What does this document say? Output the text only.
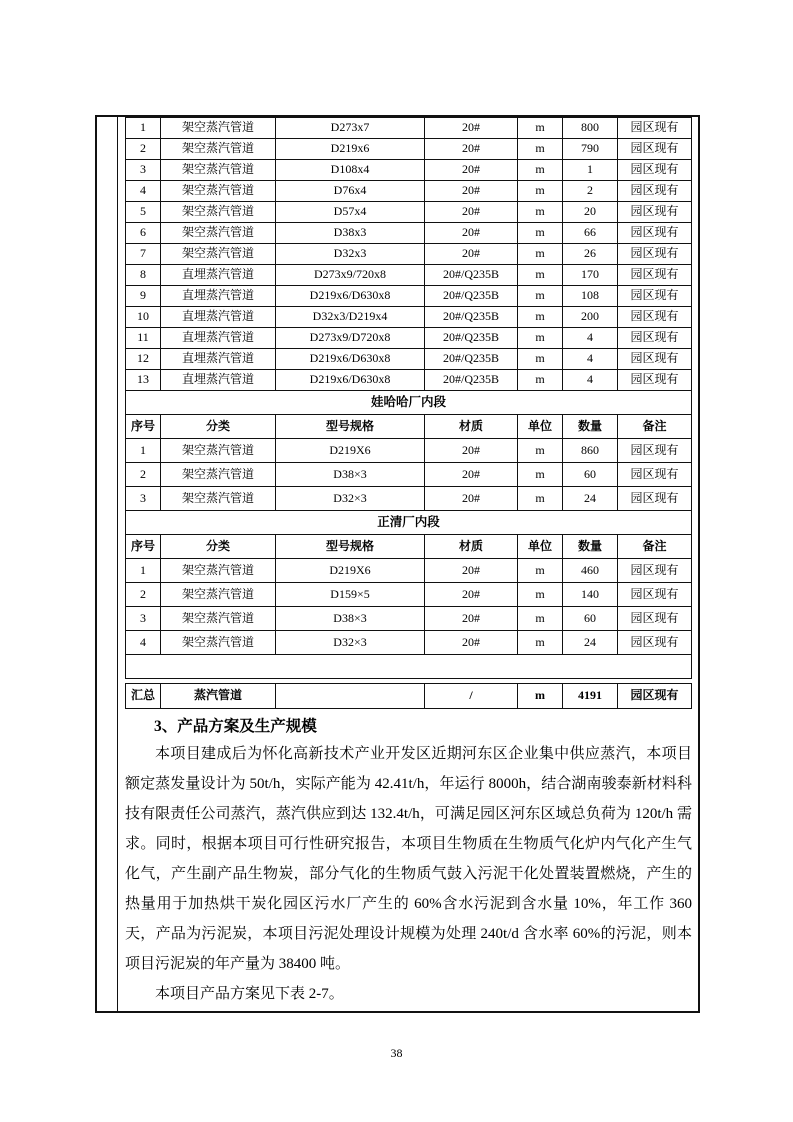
1	架空蒸汽管道	D273x7	20#	m	800	园区现有
2	架空蒸汽管道	D219x6	20#	m	790	园区现有
3	架空蒸汽管道	D108x4	20#	m	1	园区现有
4	架空蒸汽管道	D76x4	20#	m	2	园区现有
5	架空蒸汽管道	D57x4	20#	m	20	园区现有
6	架空蒸汽管道	D38x3	20#	m	66	园区现有
7	架空蒸汽管道	D32x3	20#	m	26	园区现有
8	直埋蒸汽管道	D273x9/720x8	20#/Q235B	m	170	园区现有
9	直埋蒸汽管道	D219x6/D630x8	20#/Q235B	m	108	园区现有
10	直埋蒸汽管道	D32x3/D219x4	20#/Q235B	m	200	园区现有
11	直埋蒸汽管道	D273x9/D720x8	20#/Q235B	m	4	园区现有
12	直埋蒸汽管道	D219x6/D630x8	20#/Q235B	m	4	园区现有
13	直埋蒸汽管道	D219x6/D630x8	20#/Q235B	m	4	园区现有
娃哈哈厂内段						
序号	分类	型号规格	材质	单位	数量	备注
1	架空蒸汽管道	D219X6	20#	m	860	园区现有
2	架空蒸汽管道	D38×3	20#	m	60	园区现有
3	架空蒸汽管道	D32×3	20#	m	24	园区现有
正清厂内段						
序号	分类	型号规格	材质	单位	数量	备注
1	架空蒸汽管道	D219X6	20#	m	460	园区现有
2	架空蒸汽管道	D159×5	20#	m	140	园区现有
3	架空蒸汽管道	D38×3	20#	m	60	园区现有
4	架空蒸汽管道	D32×3	20#	m	24	园区现有

汇总	蒸汽管道		/	m	4191	园区现有
3、产品方案及生产规模

本项目建成后为怀化高新技术产业开发区近期河东区企业集中供应蒸汽，本项目额定蒸发量设计为 50t/h，实际产能为 42.41t/h，年运行 8000h，结合湖南骏泰新材料科技有限责任公司蒸汽，蒸汽供应到达 132.4t/h，可满足园区河东区域总负荷为 120t/h 需求。同时，根据本项目可行性研究报告，本项目生物质在生物质气化炉内气化产生气化气，产生副产品生物炭，部分气化的生物质气鼓入污泥干化处置装置燃烧，产生的热量用于加热烘干炭化园区污水厂产生的 60%含水污泥到含水量 10%，年工作 360 天，产品为污泥炭，本项目污泥处理设计规模为处理 240t/d 含水率 60%的污泥，则本项目污泥炭的年产量为 38400 吨。

本项目产品方案见下表 2-7。

38
